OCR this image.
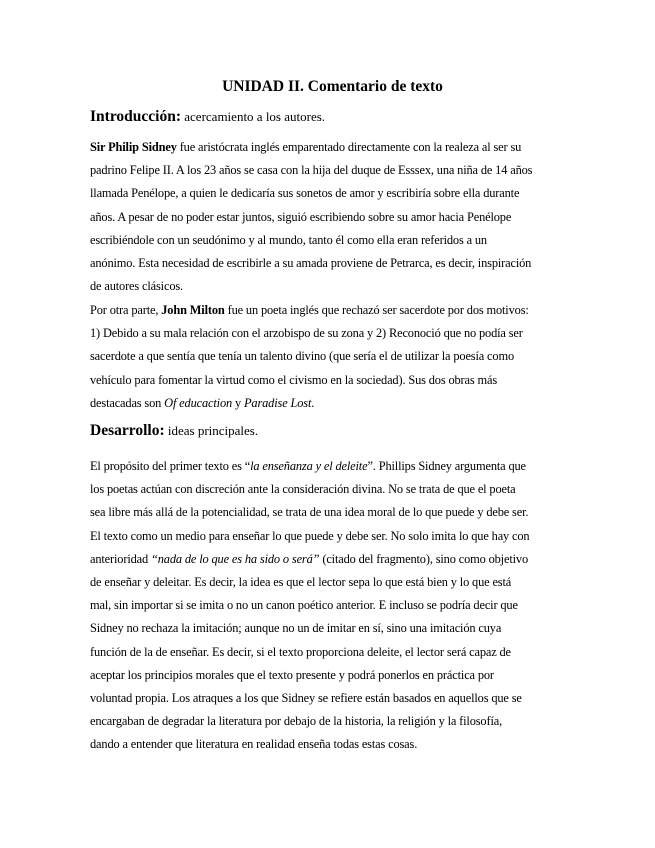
UNIDAD II. Comentario de texto

Introducción: acercamiento a los autores.

Sir Philip Sidney fue aristócrata inglés emparentado directamente con la realeza al ser su
padrino Felipe II. A los 23 años se casa con la hija del duque de Esssex, una niña de 14 años
llamada Penélope, a quien le dedicaría sus sonetos de amor y escribiría sobre ella durante
años. A pesar de no poder estar juntos, siguió escribiendo sobre su amor hacia Penélope
escribiéndole con un seudónimo y al mundo, tanto él como ella eran referidos a un
anónimo. Esta necesidad de escribirle a su amada proviene de Petrarca, es decir, inspiración
de autores clásicos.

Por otra parte, John Milton fue un poeta inglés que rechazó ser sacerdote por dos motivos:
1) Debido a su mala relación con el arzobispo de su zona y 2) Reconoció que no podía ser
sacerdote a que sentía que tenía un talento divino (que sería el de utilizar la poesía como
vehículo para fomentar la virtud como el civismo en la sociedad). Sus dos obras más
destacadas son Of educaction y Paradise Lost.

Desarrollo: ideas principales.

El propósito del primer texto es “la enseñanza y el deleite”. Phillips Sidney argumenta que
los poetas actúan con discreción ante la consideración divina. No se trata de que el poeta
sea libre más allá de la potencialidad, se trata de una idea moral de lo que puede y debe ser.
El texto como un medio para enseñar lo que puede y debe ser. No solo imita lo que hay con
anterioridad “nada de lo que es ha sido o será” (citado del fragmento), sino como objetivo
de enseñar y deleitar. Es decir, la idea es que el lector sepa lo que está bien y lo que está
mal, sin importar si se imita o no un canon poético anterior. E incluso se podría decir que
Sidney no rechaza la imitación; aunque no un de imitar en sí, sino una imitación cuya
función de la de enseñar. Es decir, si el texto proporciona deleite, el lector será capaz de
aceptar los principios morales que el texto presente y podrá ponerlos en práctica por
voluntad propia. Los atraques a los que Sidney se refiere están basados en aquellos que se
encargaban de degradar la literatura por debajo de la historia, la religión y la filosofía,
dando a entender que literatura en realidad enseña todas estas cosas.
